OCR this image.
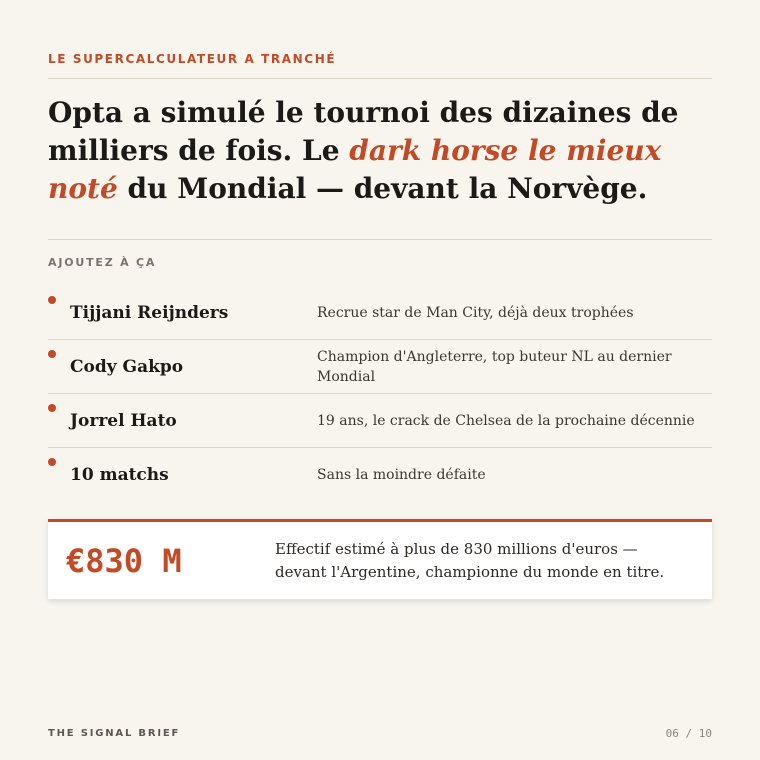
LE SUPERCALCULATEUR A TRANCHÉ
Opta a simulé le tournoi des dizaines de milliers de fois. Le dark horse le mieux noté du Mondial — devant la Norvège.
AJOUTEZ À ÇA
Tijjani Reijnders	Recrue star de Man City, déjà deux trophées
Cody Gakpo	Champion d'Angleterre, top buteur NL au dernier Mondial
Jorrel Hato	19 ans, le crack de Chelsea de la prochaine décennie
10 matchs	Sans la moindre défaite
€830 M	Effectif estimé à plus de 830 millions d'euros — devant l'Argentine, championne du monde en titre.
THE SIGNAL BRIEF	06 / 10
